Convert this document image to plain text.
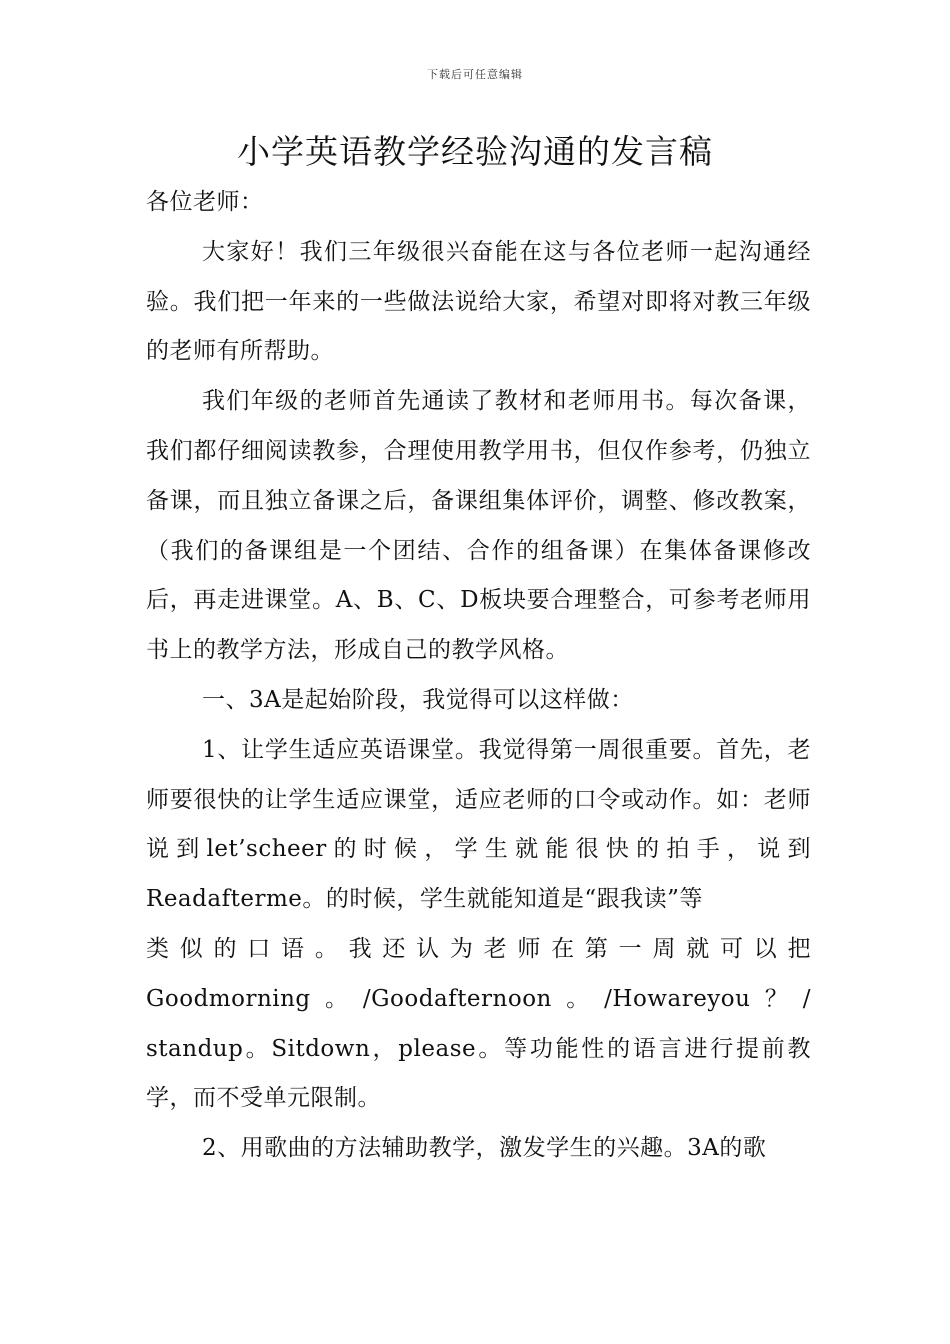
下载后可任意编辑
小学英语教学经验沟通的发言稿

各位老师：

大家好！我们三年级很兴奋能在这与各位老师一起沟通经验。我们把一年来的一些做法说给大家，希望对即将对教三年级的老师有所帮助。

我们年级的老师首先通读了教材和老师用书。每次备课，我们都仔细阅读教参，合理使用教学用书，但仅作参考，仍独立备课，而且独立备课之后，备课组集体评价，调整、修改教案，（我们的备课组是一个团结、合作的组备课）在集体备课修改后，再走进课堂。A、B、C、D板块要合理整合，可参考老师用书上的教学方法，形成自己的教学风格。

一、3A是起始阶段，我觉得可以这样做：

1、让学生适应英语课堂。我觉得第一周很重要。首先，老师要很快的让学生适应课堂，适应老师的口令或动作。如：老师说到let’scheer的时候，学生就能很快的拍手，说到Readafterme。的时候，学生就能知道是“跟我读”等

类似的口语。我还认为老师在第一周就可以把

Goodmorning。/Goodafternoon。/Howareyou？/

standup。Sitdown，please。等功能性的语言进行提前教学，而不受单元限制。

2、用歌曲的方法辅助教学，激发学生的兴趣。3A的歌
